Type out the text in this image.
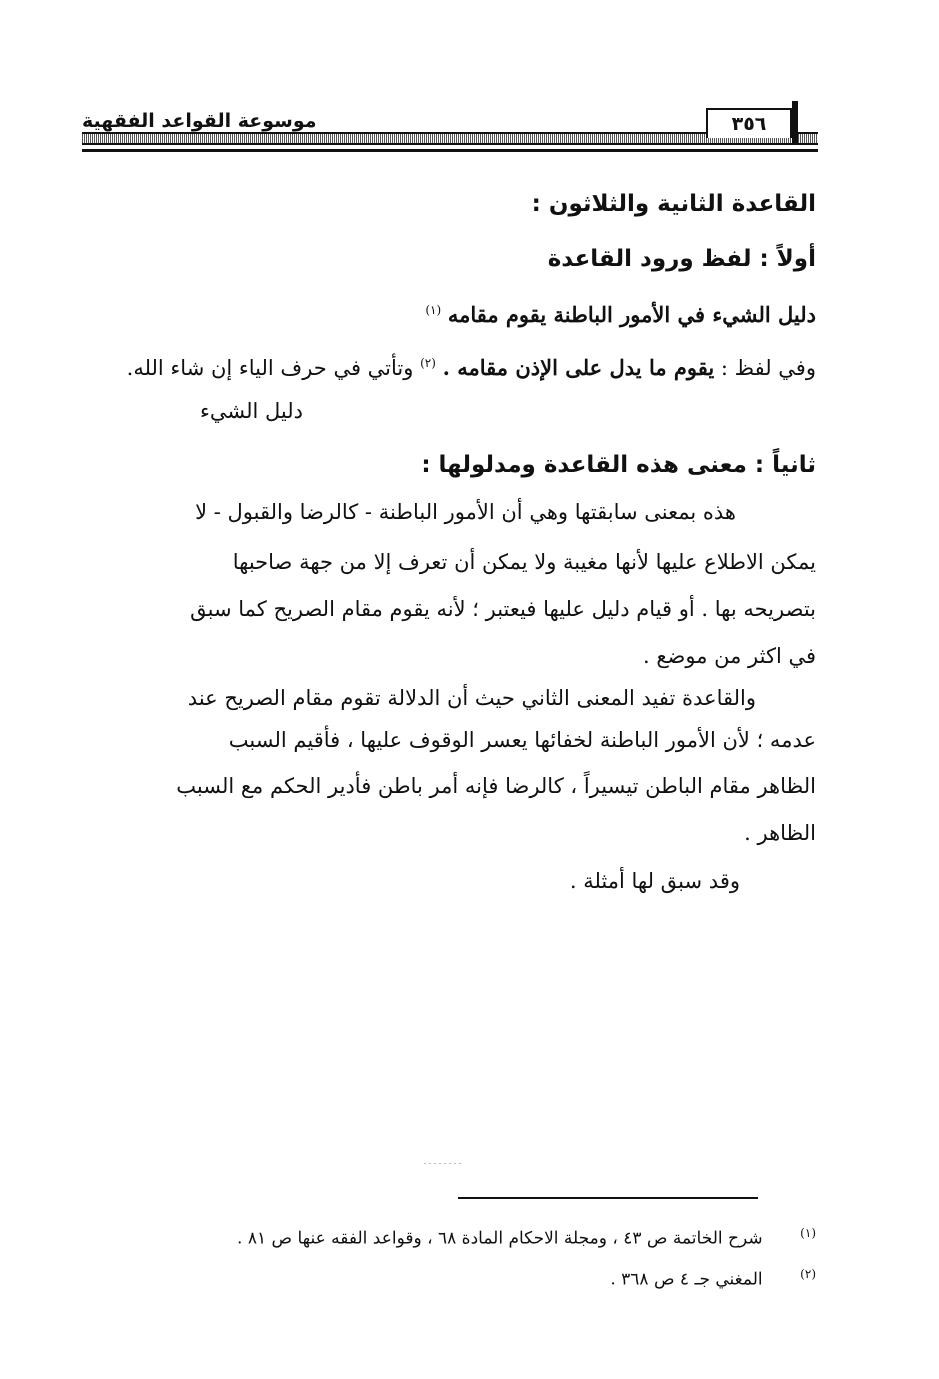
موسوعة القواعد الفقهية	٣٥٦
القاعدة الثانية والثلاثون :
أولاً : لفظ ورود القاعدة
دليل الشيء في الأمور الباطنة يقوم مقامه $^{(١)}$
وفي لفظ : يقوم ما يدل على الإذن مقامه . $^{(٢)}$ وتأتي في حرف الياء إن شاء الله.
دليل الشيء
ثانياً : معنى هذه القاعدة ومدلولها :
هذه بمعنى سابقتها وهي أن الأمور الباطنة - كالرضا والقبول - لا
يمكن الاطلاع عليها لأنها مغيبة ولا يمكن أن تعرف إلا من جهة صاحبها
بتصريحه بها . أو قيام دليل عليها فيعتبر ؛ لأنه يقوم مقام الصريح كما سبق
في اكثر من موضع .
والقاعدة تفيد المعنى الثاني حيث أن الدلالة تقوم مقام الصريح عند
عدمه ؛ لأن الأمور الباطنة لخفائها يعسر الوقوف عليها ، فأقيم السبب
الظاهر مقام الباطن تيسيراً ، كالرضا فإنه أمر باطن فأدير الحكم مع السبب
الظاهر .
وقد سبق لها أمثلة .
(١) شرح الخاتمة ص ٤٣ ، ومجلة الاحكام المادة ٦٨ ، وقواعد الفقه عنها ص ٨١ .
(٢) المغني جـ ٤ ص ٣٦٨ .
